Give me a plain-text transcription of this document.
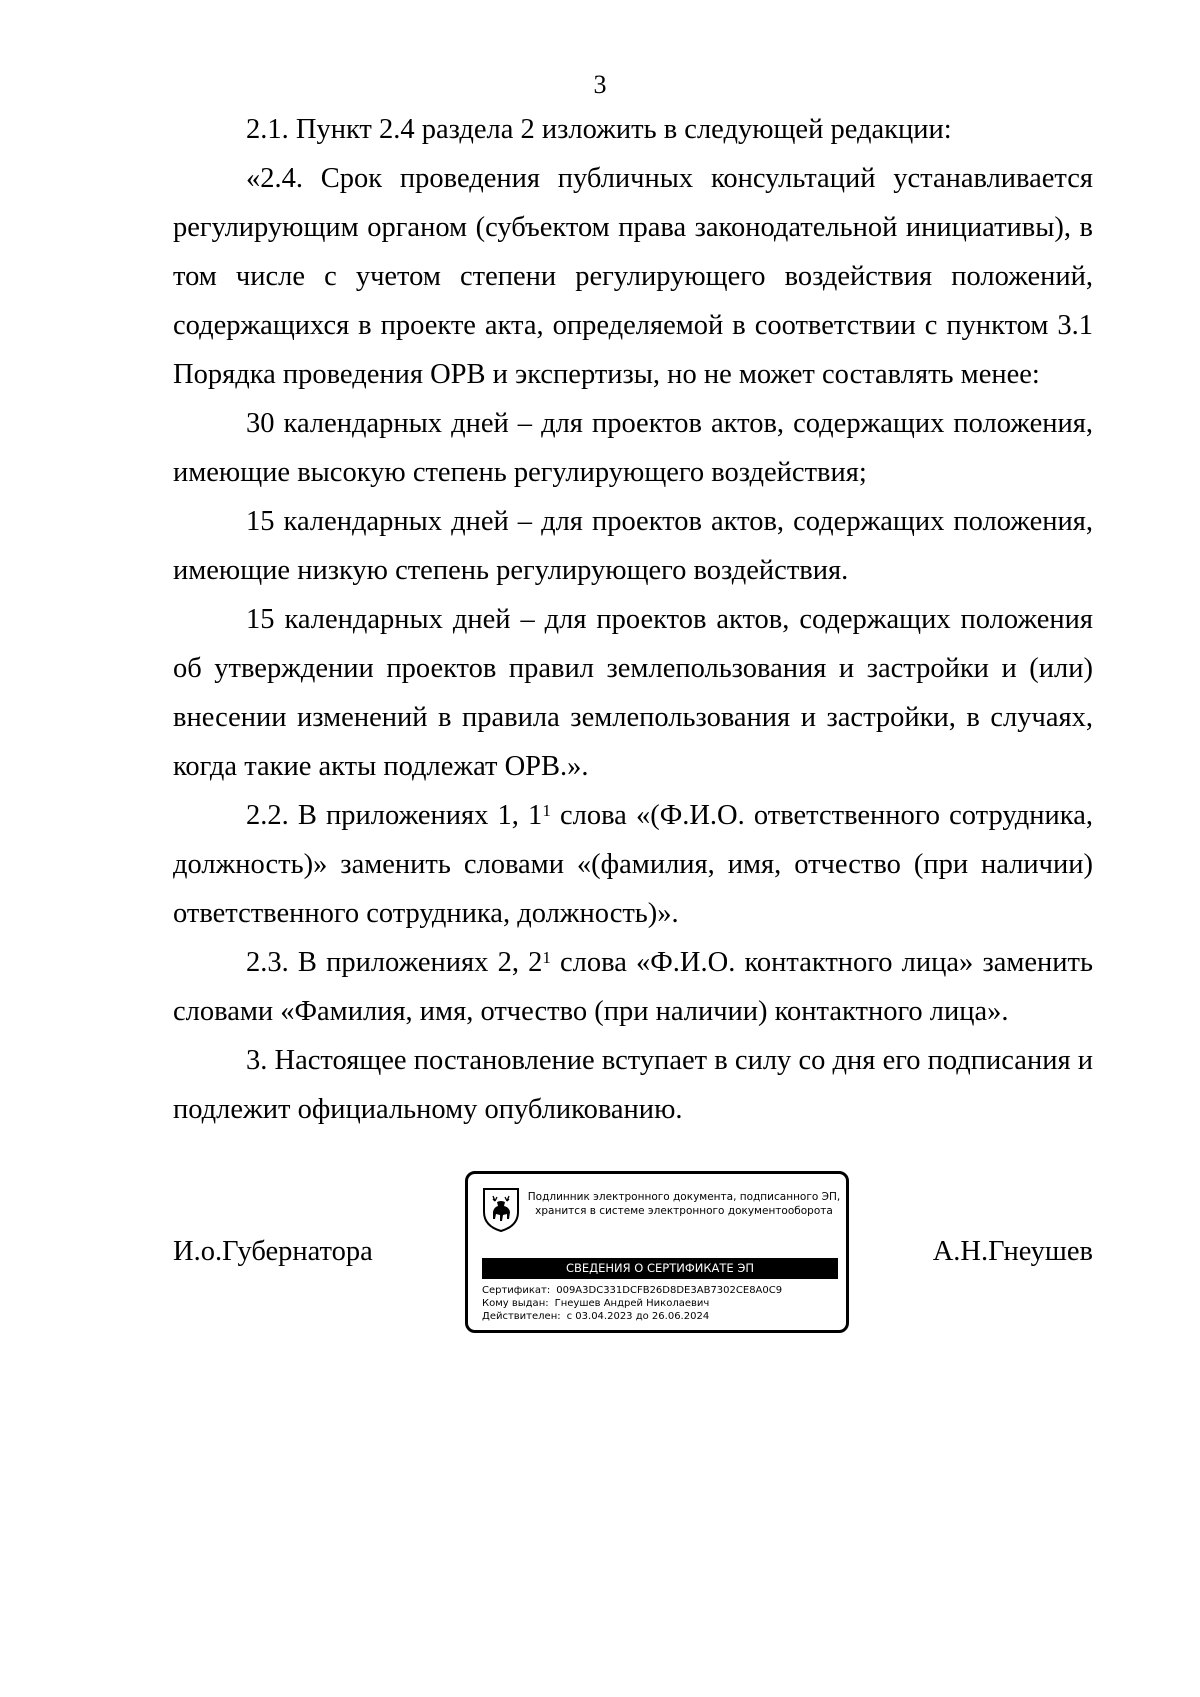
3

2.1. Пункт 2.4 раздела 2 изложить в следующей редакции:

«2.4. Срок проведения публичных консультаций устанавливается регулирующим органом (субъектом права законодательной инициативы), в том числе с учетом степени регулирующего воздействия положений, содержащихся в проекте акта, определяемой в соответствии с пунктом 3.1 Порядка проведения ОРВ и экспертизы, но не может составлять менее:

30 календарных дней – для проектов актов, содержащих положения, имеющие высокую степень регулирующего воздействия;

15 календарных дней – для проектов актов, содержащих положения, имеющие низкую степень регулирующего воздействия.

15 календарных дней – для проектов актов, содержащих положения об утверждении проектов правил землепользования и застройки и (или) внесении изменений в правила землепользования и застройки, в случаях, когда такие акты подлежат ОРВ.».

2.2. В приложениях 1, $1^1$ слова «(Ф.И.О. ответственного сотрудника, должность)» заменить словами «(фамилия, имя, отчество (при наличии) ответственного сотрудника, должность)».

2.3. В приложениях 2, $2^1$ слова «Ф.И.О. контактного лица» заменить словами «Фамилия, имя, отчество (при наличии) контактного лица».

3. Настоящее постановление вступает в силу со дня его подписания и подлежит официальному опубликованию.

И.о.Губернатора
Подлинник электронного документа, подписанного ЭП,
хранится в системе электронного документооборота
СВЕДЕНИЯ О СЕРТИФИКАТЕ ЭП
Сертификат: 009A3DC331DCFB26D8DE3AB7302CE8A0C9
Кому выдан: Гнеушев Андрей Николаевич
Действителен: с 03.04.2023 до 26.06.2024
А.Н.Гнеушев
